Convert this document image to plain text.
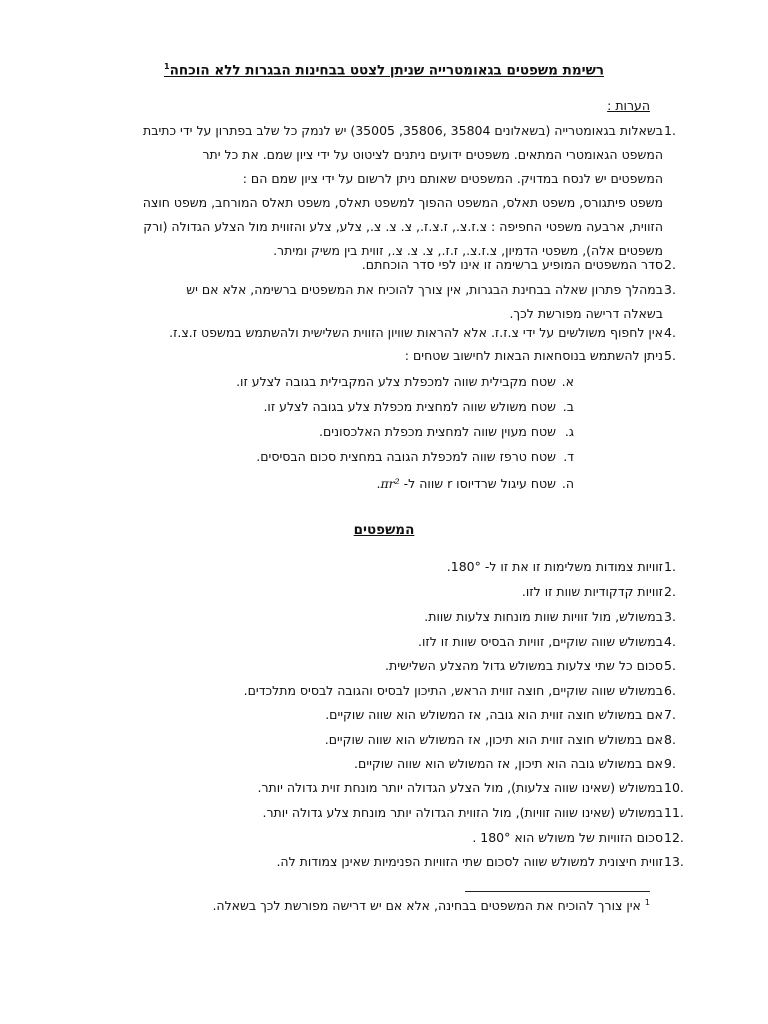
רשימת משפטים בגאומטרייה שניתן לצטט בבחינות הבגרות ללא הוכחה$^1$
הערות :
1.
בשאלות בגאומטרייה (בשאלונים 35804 ,35806, 35005) יש לנמק כל שלב בפתרון על ידי כתיבת
המשפט הגאומטרי המתאים. משפטים ידועים ניתנים לציטוט על ידי ציון שמם. את כל יתר
המשפטים יש לנסח במדויק. המשפטים שאותם ניתן לרשום על ידי ציון שמם הם :
משפט פיתגורס, משפט תאלס, המשפט ההפוך למשפט תאלס, משפט תאלס המורחב, משפט חוצה
הזווית, ארבעה משפטי החפיפה : צ.ז.צ., ז.צ.ז., צ. צ. צ., צלע, צלע והזווית מול הצלע הגדולה (ורק
משפטים אלה), משפטי הדמיון, צ.ז.צ., ז.ז., צ. צ. צ., זווית בין משיק ומיתר.
2.
סדר המשפטים המופיע ברשימה זו אינו לפי סדר הוכחתם.
3.
במהלך פתרון שאלה בבחינת הבגרות, אין צורך להוכיח את המשפטים ברשימה, אלא אם יש
בשאלה דרישה מפורשת לכך.
4.
אין לחפוף משולשים על ידי צ.ז.ז. אלא להראות שוויון הזווית השלישית ולהשתמש במשפט ז.צ.ז.
5.
ניתן להשתמש בנוסחאות הבאות לחישוב שטחים :
א.
שטח מקבילית שווה למכפלת צלע המקבילית בגובה לצלע זו.
ב.
שטח משולש שווה למחצית מכפלת צלע בגובה לצלע זו.
ג.
שטח מעוין שווה למחצית מכפלת האלכסונים.
ד.
שטח טרפז שווה למכפלת הגובה במחצית סכום הבסיסים.
ה.
שטח עיגול שרדיוסו r שווה ל- πr².
המשפטים
1.
זוויות צמודות משלימות זו את זו ל- 180°.
2.
זוויות קדקודיות שוות זו לזו.
3.
במשולש, מול זוויות שוות מונחות צלעות שוות.
4.
במשולש שווה שוקיים, זוויות הבסיס שוות זו לזו.
5.
סכום כל שתי צלעות במשולש גדול מהצלע השלישית.
6.
במשולש שווה שוקיים, חוצה זווית הראש, התיכון לבסיס והגובה לבסיס מתלכדים.
7.
אם במשולש חוצה זווית הוא גובה, אז המשולש הוא שווה שוקיים.
8.
אם במשולש חוצה זווית הוא תיכון, אז המשולש הוא שווה שוקיים.
9.
אם במשולש גובה הוא תיכון, אז המשולש הוא שווה שוקיים.
10.
במשולש (שאינו שווה צלעות), מול הצלע הגדולה יותר מונחת זוית גדולה יותר.
11.
במשולש (שאינו שווה זוויות), מול הזווית הגדולה יותר מונחת צלע גדולה יותר.
12.
סכום הזוויות של משולש הוא 180° .
13.
זווית חיצונית למשולש שווה לסכום שתי הזוויות הפנימיות שאינן צמודות לה.
$^1$ אין צורך להוכיח את המשפטים בבחינה, אלא אם יש דרישה מפורשת לכך בשאלה.
